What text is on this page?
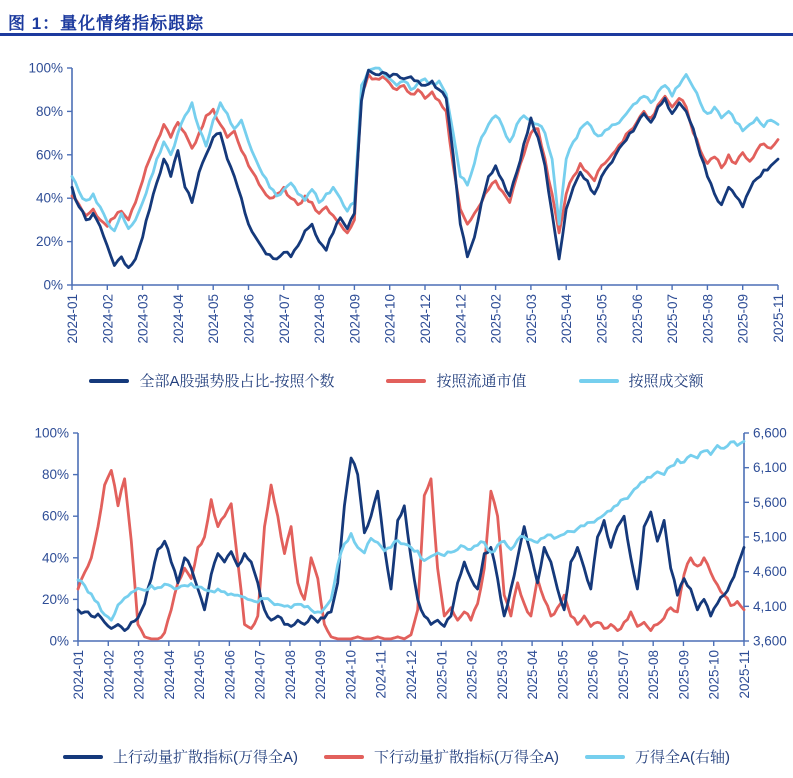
图 1：量化情绪指标跟踪
0%
20%
40%
60%
80%
100%
2024-01 2024-02 2024-03 2024-04 2024-05 2024-06 2024-07 2024-08 2024-09 2024-10 2024-12 2024-12 2025-02 2025-03 2025-04 2025-05 2025-06 2025-07 2025-08 2025-09 2025-11
全部A股强势股占比-按照个数	按照流通市值	按照成交额
0%
20%
40%
60%
80%
100%
3,600
4,100
4,600
5,100
5,600
6,100
6,600
2024-01 2024-02 2024-03 2024-04 2024-05 2024-06 2024-07 2024-08 2024-09 2024-10 2024-11 2024-12 2025-01 2025-02 2025-03 2025-04 2025-05 2025-06 2025-07 2025-08 2025-09 2025-10 2025-11
上行动量扩散指标(万得全A)	下行动量扩散指标(万得全A)	万得全A(右轴)
